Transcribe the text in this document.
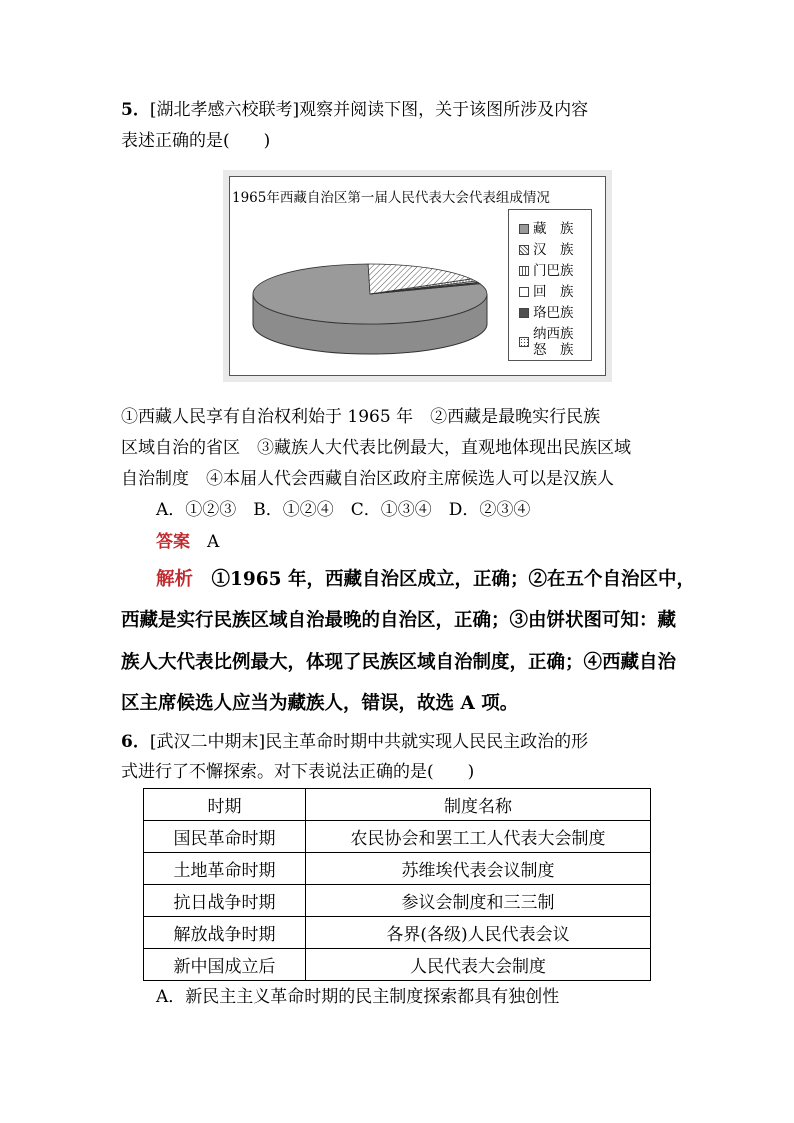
5．[湖北孝感六校联考]观察并阅读下图，关于该图所涉及内容
表述正确的是(　　)
1965年西藏自治区第一届人民代表大会代表组成情况
藏　族
汉　族
门巴族
回　族
珞巴族
纳西族
怒　族
①西藏人民享有自治权利始于 1965 年　②西藏是最晚实行民族
区域自治的省区　③藏族人大代表比例最大，直观地体现出民族区域
自治制度　④本届人代会西藏自治区政府主席候选人可以是汉族人
A．①②③　B．①②④　C．①③④　D．②③④
答案　 A
解析　 ①1965 年，西藏自治区成立，正确；②在五个自治区中，
西藏是实行民族区域自治最晚的自治区，正确；③由饼状图可知：藏
族人大代表比例最大，体现了民族区域自治制度，正确；④西藏自治
区主席候选人应当为藏族人，错误，故选 A 项。
6．[武汉二中期末]民主革命时期中共就实现人民民主政治的形
式进行了不懈探索。对下表说法正确的是(　　)
时期	制度名称
国民革命时期	农民协会和罢工工人代表大会制度
土地革命时期	苏维埃代表会议制度
抗日战争时期	参议会制度和三三制
解放战争时期	各界(各级)人民代表会议
新中国成立后	人民代表大会制度
A．新民主主义革命时期的民主制度探索都具有独创性
